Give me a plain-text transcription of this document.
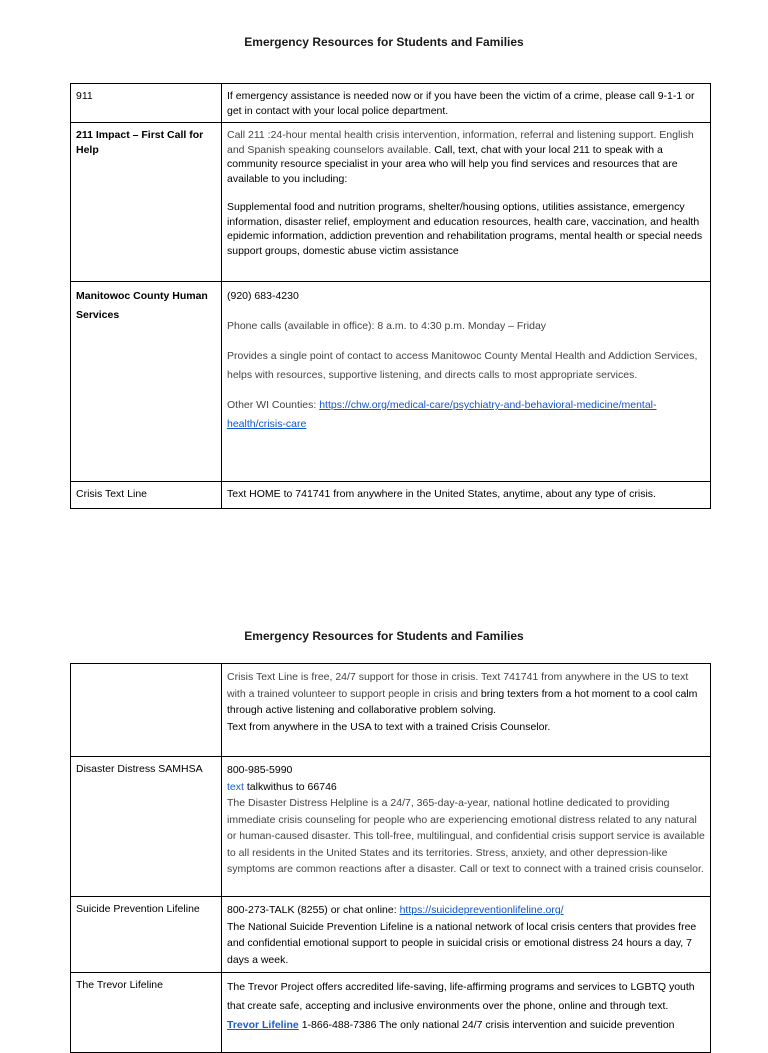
Emergency Resources for Students and Families
911	If emergency assistance is needed now or if you have been the victim of a crime, please call 9-1-1 or get in contact with your local police department.
211 Impact – First Call for Help	Call 211 :24-hour mental health crisis intervention, information, referral and listening support. English and Spanish speaking counselors available. Call, text, chat with your local 211 to speak with a community resource specialist in your area who will help you find services and resources that are available to you including:

Supplemental food and nutrition programs, shelter/housing options, utilities assistance, emergency information, disaster relief, employment and education resources, health care, vaccination, and health epidemic information, addiction prevention and rehabilitation programs, mental health or special needs support groups, domestic abuse victim assistance

Manitowoc County Human Services	(920) 683-4230

Phone calls (available in office): 8 a.m. to 4:30 p.m. Monday – Friday

Provides a single point of contact to access Manitowoc County Mental Health and Addiction Services, helps with resources, supportive listening, and directs calls to most appropriate services.

Other WI Counties: https://chw.org/medical-care/psychiatry-and-behavioral-medicine/mental-health/crisis-care

Crisis Text Line	Text HOME to 741741 from anywhere in the United States, anytime, about any type of crisis.
Emergency Resources for Students and Families

	Crisis Text Line is free, 24/7 support for those in crisis. Text 741741 from anywhere in the US to text with a trained volunteer to support people in crisis and bring texters from a hot moment to a cool calm through active listening and collaborative problem solving.

Text from anywhere in the USA to text with a trained Crisis Counselor.

Disaster Distress SAMHSA	800-985-5990

text talkwithus to 66746

The Disaster Distress Helpline is a 24/7, 365-day-a-year, national hotline dedicated to providing immediate crisis counseling for people who are experiencing emotional distress related to any natural or human-caused disaster. This toll-free, multilingual, and confidential crisis support service is available to all residents in the United States and its territories. Stress, anxiety, and other depression-like symptoms are common reactions after a disaster. Call or text to connect with a trained crisis counselor.

Suicide Prevention Lifeline	800-273-TALK (8255) or chat online: https://suicidepreventionlifeline.org/

The National Suicide Prevention Lifeline is a national network of local crisis centers that provides free and confidential emotional support to people in suicidal crisis or emotional distress 24 hours a day, 7 days a week.

The Trevor Lifeline	The Trevor Project offers accredited life-saving, life-affirming programs and services to LGBTQ youth that create safe, accepting and inclusive environments over the phone, online and through text.

Trevor Lifeline 1-866-488-7386 The only national 24/7 crisis intervention and suicide prevention
